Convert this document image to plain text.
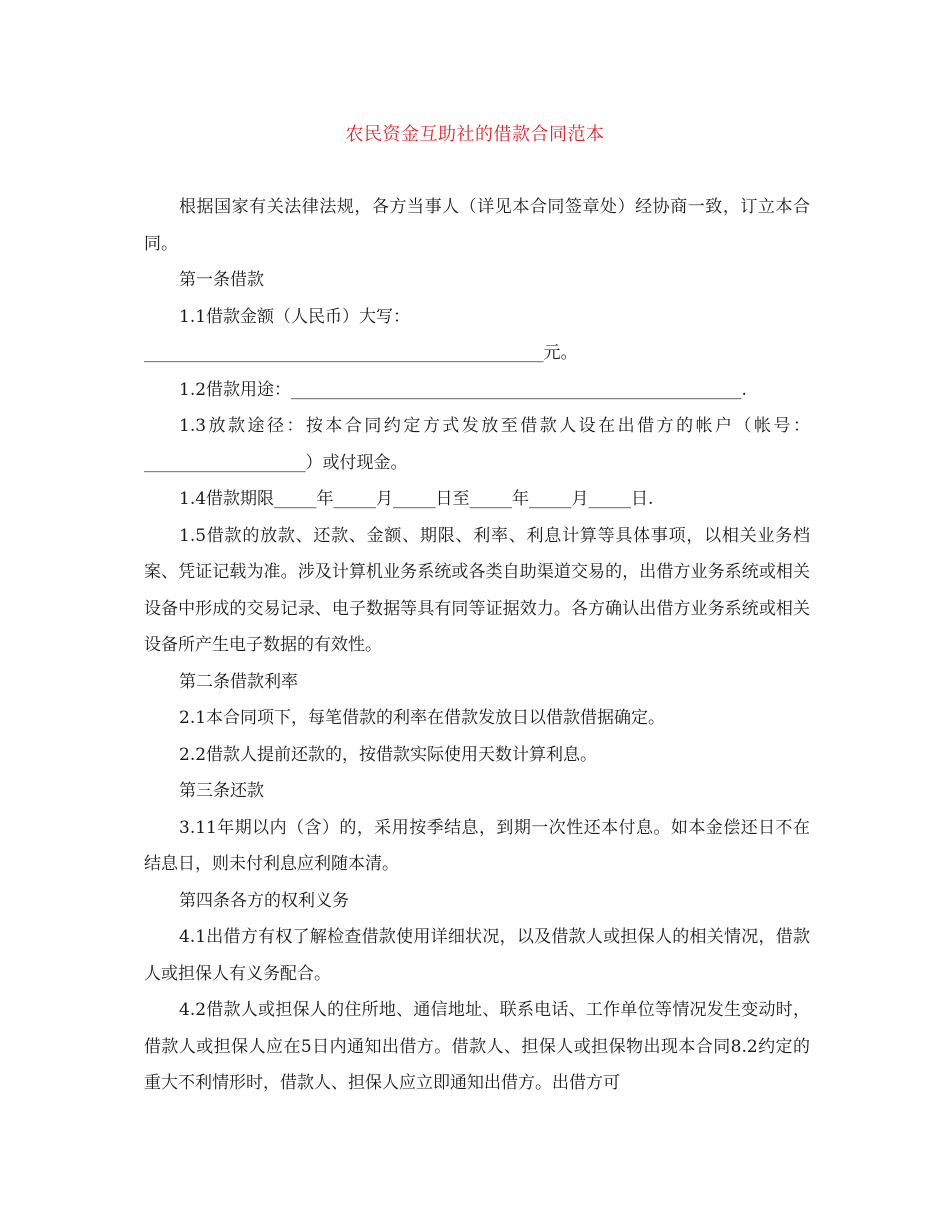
农民资金互助社的借款合同范本

根据国家有关法律法规，各方当事人（详见本合同签章处）经协商一致，订立本合同。

第一条借款

1.1借款金额（人民币）大写：

_______________________________________________元。

1.2借款用途：_____________________________________________________.

1.3放款途径：按本合同约定方式发放至借款人设在出借方的帐户（帐号：___________________）或付现金。

1.4借款期限_____年_____月_____日至_____年_____月_____日.

1.5借款的放款、还款、金额、期限、利率、利息计算等具体事项，以相关业务档案、凭证记载为准。涉及计算机业务系统或各类自助渠道交易的，出借方业务系统或相关设备中形成的交易记录、电子数据等具有同等证据效力。各方确认出借方业务系统或相关设备所产生电子数据的有效性。

第二条借款利率

2.1本合同项下，每笔借款的利率在借款发放日以借款借据确定。

2.2借款人提前还款的，按借款实际使用天数计算利息。

第三条还款

3.11年期以内（含）的，采用按季结息，到期一次性还本付息。如本金偿还日不在结息日，则未付利息应利随本清。

第四条各方的权利义务

4.1出借方有权了解检查借款使用详细状况，以及借款人或担保人的相关情况，借款人或担保人有义务配合。

4.2借款人或担保人的住所地、通信地址、联系电话、工作单位等情况发生变动时，借款人或担保人应在5日内通知出借方。借款人、担保人或担保物出现本合同8.2约定的重大不利情形时，借款人、担保人应立即通知出借方。出借方可
